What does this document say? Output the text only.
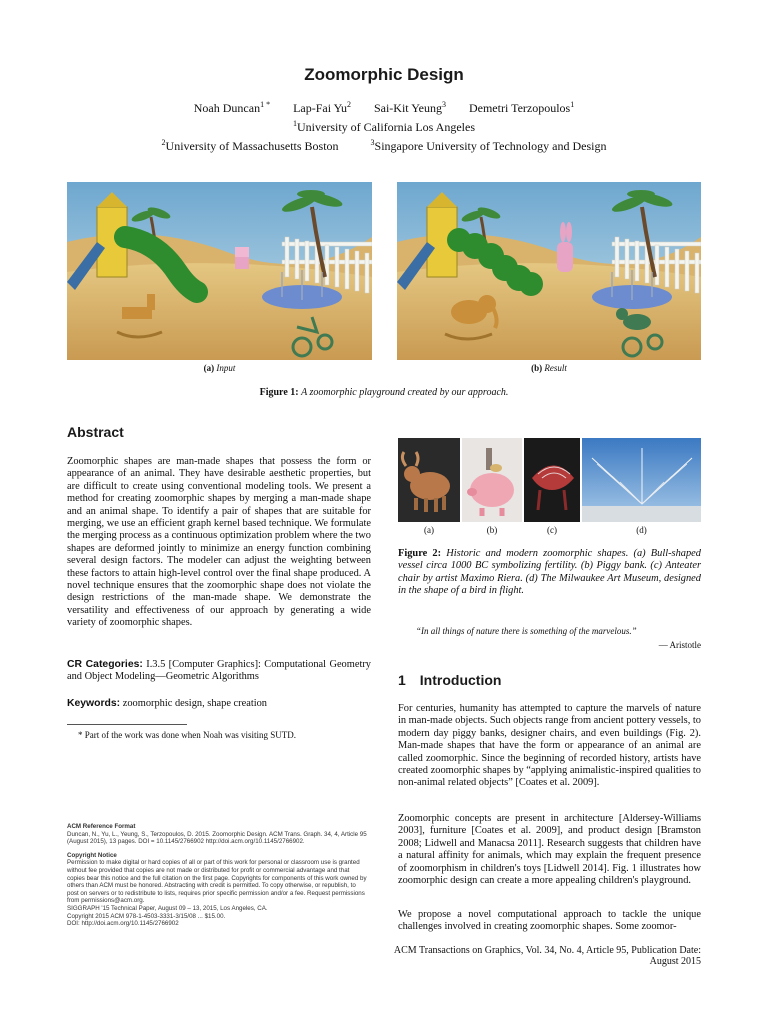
Zoomorphic Design
Noah Duncan$^{1 *}$ Lap-Fai Yu$^2$ Sai-Kit Yeung$^3$ Demetri Terzopoulos$^1$
$^1$University of California Los Angeles
$^2$University of Massachusetts Boston	$^3$Singapore University of Technology and Design
(a) Input	(b) Result
Figure 1: A zoomorphic playground created by our approach.
Abstract
Zoomorphic shapes are man-made shapes that possess the form or appearance of an animal. They have desirable aesthetic properties, but are difficult to create using conventional modeling tools. We present a method for creating zoomorphic shapes by merging a man-made shape and an animal shape. To identify a pair of shapes that are suitable for merging, we use an efficient graph kernel based technique. We formulate the merging process as a continuous optimization problem where the two shapes are deformed jointly to minimize an energy function combining several design factors. The modeler can adjust the weighting between these factors to attain high-level control over the final shape produced. A novel technique ensures that the zoomorphic shape does not violate the design restrictions of the man-made shape. We demonstrate the versatility and effectiveness of our approach by generating a wide variety of zoomorphic shapes.
CR Categories: I.3.5 [Computer Graphics]: Computational Geometry and Object Modeling—Geometric Algorithms
Keywords: zoomorphic design, shape creation
* Part of the work was done when Noah was visiting SUTD.
ACM Reference Format
Duncan, N., Yu, L., Yeung, S., Terzopoulos, D. 2015. Zoomorphic Design. ACM Trans. Graph. 34, 4, Article 95 (August 2015), 13 pages. DOI = 10.1145/2766902 http://doi.acm.org/10.1145/2766902.
Copyright Notice
Permission to make digital or hard copies of all or part of this work for personal or classroom use is granted without fee provided that copies are not made or distributed for profit or commercial advantage and that copies bear this notice and the full citation on the first page. Copyrights for components of this work owned by others than ACM must be honored. Abstracting with credit is permitted. To copy otherwise, or republish, to post on servers or to redistribute to lists, requires prior specific permission and/or a fee. Request permissions from permissions@acm.org.
SIGGRAPH '15 Technical Paper, August 09 – 13, 2015, Los Angeles, CA.
Copyright 2015 ACM 978-1-4503-3331-3/15/08 ... $15.00.
DOI: http://doi.acm.org/10.1145/2766902
(a)	(b)	(c)	(d)
Figure 2: Historic and modern zoomorphic shapes. (a) Bull-shaped vessel circa 1000 BC symbolizing fertility. (b) Piggy bank. (c) Anteater chair by artist Maximo Riera. (d) The Milwaukee Art Museum, designed in the shape of a bird in flight.
“In all things of nature there is something of the marvelous.”
— Aristotle
1 Introduction
For centuries, humanity has attempted to capture the marvels of nature in man-made objects. Such objects range from ancient pottery vessels, to modern day piggy banks, designer chairs, and even buildings (Fig. 2). Man-made shapes that have the form or appearance of an animal are called zoomorphic. Since the beginning of recorded history, artists have created zoomorphic shapes by “applying animalistic-inspired qualities to non-animal related objects” [Coates et al. 2009].
Zoomorphic concepts are present in architecture [Aldersey-Williams 2003], furniture [Coates et al. 2009], and product design [Bramston 2008; Lidwell and Manacsa 2011]. Research suggests that children have a natural affinity for animals, which may explain the frequent presence of zoomorphism in children's toys [Lidwell 2014]. Fig. 1 illustrates how zoomorphic design can create a more appealing children's playground.
We propose a novel computational approach to tackle the unique challenges involved in creating zoomorphic shapes. Some zoomor-
ACM Transactions on Graphics, Vol. 34, No. 4, Article 95, Publication Date: August 2015
